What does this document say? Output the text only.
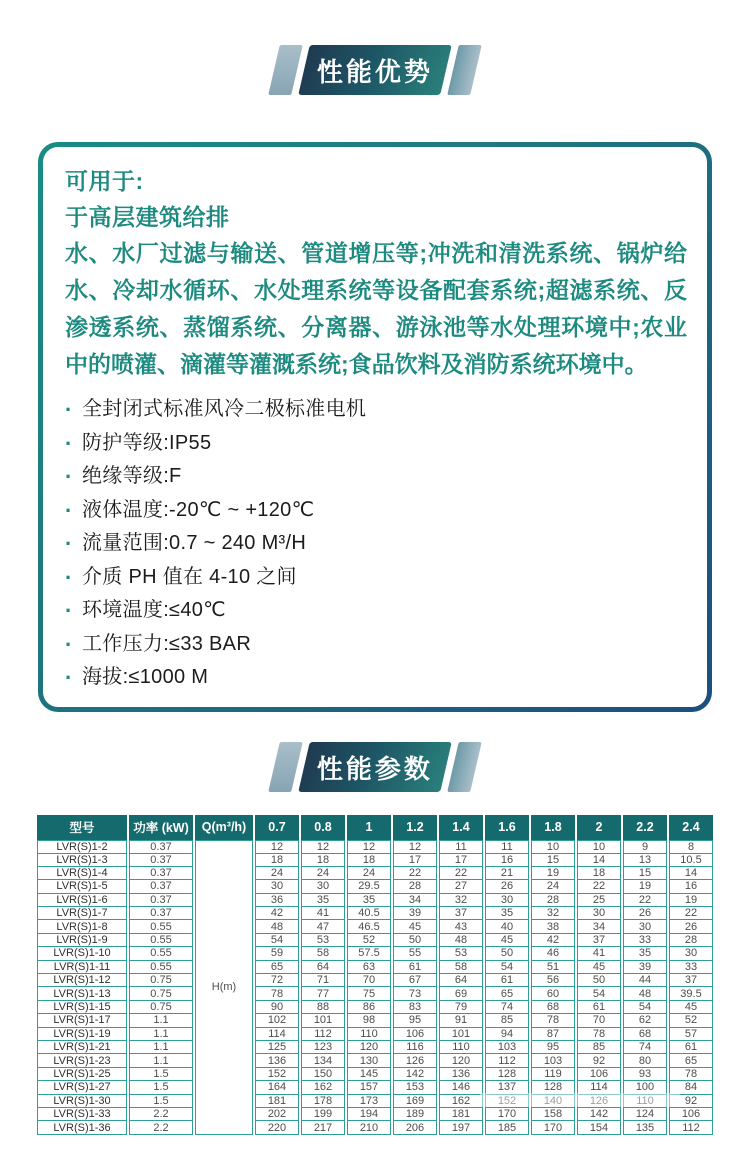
性能优势
可用于:
于高层建筑给排
水、水厂过滤与输送、管道增压等;冲洗和清洗系统、锅炉给水、冷却水循环、水处理系统等设备配套系统;超滤系统、反渗透系统、蒸馏系统、分离器、游泳池等水处理环境中;农业中的喷灌、滴灌等灌溉系统;食品饮料及消防系统环境中。
· 全封闭式标准风冷二极标准电机
· 防护等级:IP55
· 绝缘等级:F
· 液体温度:-20℃ ~ +120℃
· 流量范围:0.7 ~ 240 M³/H
· 介质 PH 值在 4-10 之间
· 环境温度:≤40℃
· 工作压力:≤33 BAR
· 海拔:≤1000 M
性能参数
型号	功率 (kW)	Q(m³/h)	0.7	0.8	1	1.2	1.4	1.6	1.8	2	2.2	2.4
LVR(S)1-2	0.37	H(m)	12	12	12	12	11	11	10	10	9	8
LVR(S)1-3	0.37		18	18	18	17	17	16	15	14	13	10.5
LVR(S)1-4	0.37		24	24	24	22	22	21	19	18	15	14
LVR(S)1-5	0.37		30	30	29.5	28	27	26	24	22	19	16
LVR(S)1-6	0.37		36	35	35	34	32	30	28	25	22	19
LVR(S)1-7	0.37		42	41	40.5	39	37	35	32	30	26	22
LVR(S)1-8	0.55		48	47	46.5	45	43	40	38	34	30	26
LVR(S)1-9	0.55		54	53	52	50	48	45	42	37	33	28
LVR(S)1-10	0.55		59	58	57.5	55	53	50	46	41	35	30
LVR(S)1-11	0.55		65	64	63	61	58	54	51	45	39	33
LVR(S)1-12	0.75		72	71	70	67	64	61	56	50	44	37
LVR(S)1-13	0.75		78	77	75	73	69	65	60	54	48	39.5
LVR(S)1-15	0.75		90	88	86	83	79	74	68	61	54	45
LVR(S)1-17	1.1		102	101	98	95	91	85	78	70	62	52
LVR(S)1-19	1.1		114	112	110	106	101	94	87	78	68	57
LVR(S)1-21	1.1		125	123	120	116	110	103	95	85	74	61
LVR(S)1-23	1.1		136	134	130	126	120	112	103	92	80	65
LVR(S)1-25	1.5		152	150	145	142	136	128	119	106	93	78
LVR(S)1-27	1.5		164	162	157	153	146	137	128	114	100	84
LVR(S)1-30	1.5		181	178	173	169	162	152	140	126	110	92
LVR(S)1-33	2.2		202	199	194	189	181	170	158	142	124	106
LVR(S)1-36	2.2		220	217	210	206	197	185	170	154	135	112
